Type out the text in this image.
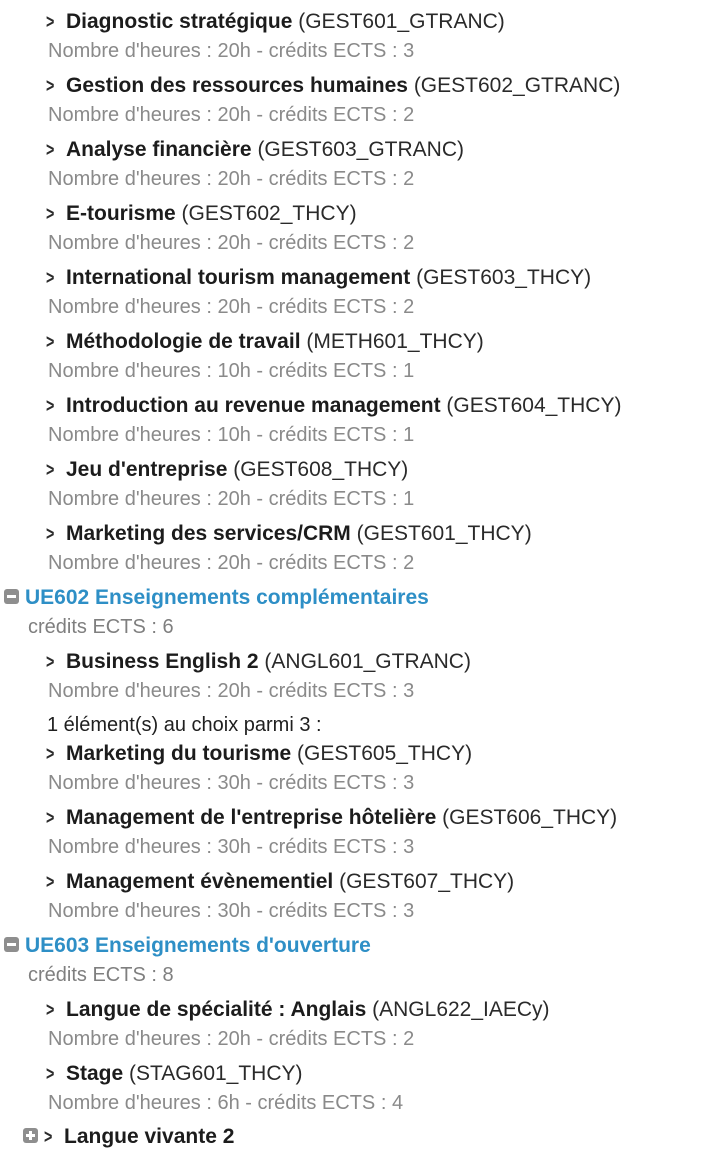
> Diagnostic stratégique (GEST601_GTRANC)
Nombre d'heures : 20h - crédits ECTS : 3
> Gestion des ressources humaines (GEST602_GTRANC)
Nombre d'heures : 20h - crédits ECTS : 2
> Analyse financière (GEST603_GTRANC)
Nombre d'heures : 20h - crédits ECTS : 2
> E-tourisme (GEST602_THCY)
Nombre d'heures : 20h - crédits ECTS : 2
> International tourism management (GEST603_THCY)
Nombre d'heures : 20h - crédits ECTS : 2
> Méthodologie de travail (METH601_THCY)
Nombre d'heures : 10h - crédits ECTS : 1
> Introduction au revenue management (GEST604_THCY)
Nombre d'heures : 10h - crédits ECTS : 1
> Jeu d'entreprise (GEST608_THCY)
Nombre d'heures : 20h - crédits ECTS : 1
> Marketing des services/CRM (GEST601_THCY)
Nombre d'heures : 20h - crédits ECTS : 2
UE602 Enseignements complémentaires
crédits ECTS : 6
> Business English 2 (ANGL601_GTRANC)
Nombre d'heures : 20h - crédits ECTS : 3
1 élément(s) au choix parmi 3 :
> Marketing du tourisme (GEST605_THCY)
Nombre d'heures : 30h - crédits ECTS : 3
> Management de l'entreprise hôtelière (GEST606_THCY)
Nombre d'heures : 30h - crédits ECTS : 3
> Management évènementiel (GEST607_THCY)
Nombre d'heures : 30h - crédits ECTS : 3
UE603 Enseignements d'ouverture
crédits ECTS : 8
> Langue de spécialité : Anglais (ANGL622_IAECy)
Nombre d'heures : 20h - crédits ECTS : 2
> Stage (STAG601_THCY)
Nombre d'heures : 6h - crédits ECTS : 4
> Langue vivante 2
